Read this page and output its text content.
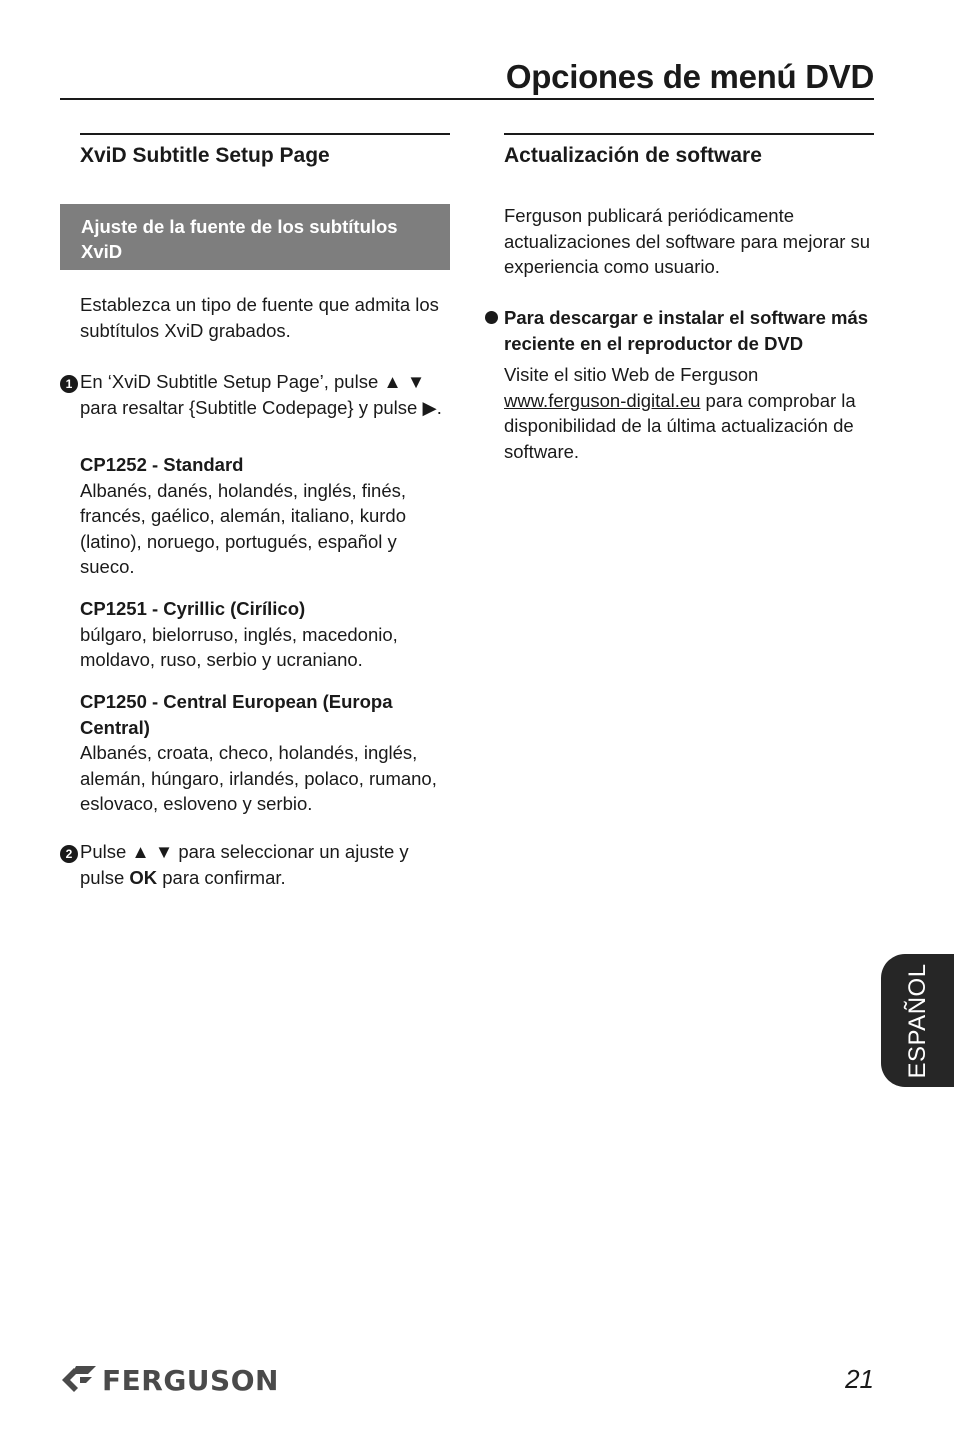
Opciones de menú DVD
XviD Subtitle Setup Page
Ajuste de la fuente de los subtítulos XviD
Establezca un tipo de fuente que admita los subtítulos XviD grabados.
1 En ‘XviD Subtitle Setup Page’, pulse ▲ ▼ para resaltar {Subtitle Codepage} y pulse ▶.
CP1252 - Standard
Albanés, danés, holandés, inglés, finés, francés, gaélico, alemán, italiano, kurdo (latino), noruego, portugués, español y sueco.
CP1251 - Cyrillic (Cirílico)
búlgaro, bielorruso, inglés, macedonio, moldavo, ruso, serbio y ucraniano.
CP1250 - Central European (Europa Central)
Albanés, croata, checo, holandés, inglés, alemán, húngaro, irlandés, polaco, rumano, eslovaco, esloveno y serbio.
2 Pulse ▲ ▼ para seleccionar un ajuste y pulse OK para confirmar.
Actualización de software
Ferguson publicará periódicamente actualizaciones del software para mejorar su experiencia como usuario.
Para descargar e instalar el software más reciente en el reproductor de DVD
Visite el sitio Web de Ferguson www.ferguson-digital.eu para comprobar la disponibilidad de la última actualización de software.
ESPAÑOL
FERGUSON	21
